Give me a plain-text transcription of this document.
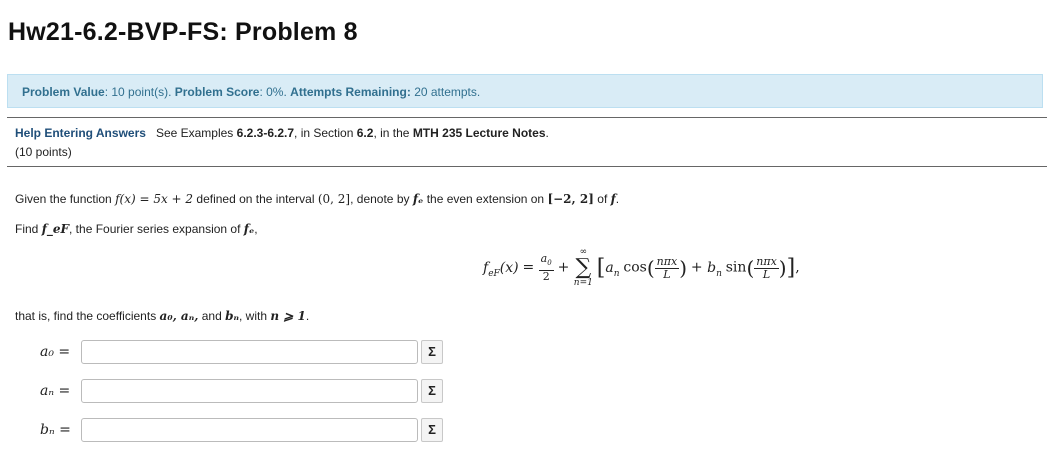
Hw21-6.2-BVP-FS: Problem 8
Problem Value: 10 point(s). Problem Score: 0%. Attempts Remaining: 20 attempts.
Help Entering Answers See Examples 6.2.3-6.2.7, in Section 6.2, in the MTH 235 Lecture Notes.
(10 points)
Given the function f(x) = 5x + 2 defined on the interval (0, 2], denote by fₑ the even extension on [−2, 2] of f.
Find f_eF, the Fourier series expansion of fₑ,
$f_{eF}(x) = \frac{a_0}{2}$ +
∞
∑
n=1
[$a_n$ $\cos( \frac{\text{nπx}}{L}$ ) + $b_n$ $\sin( \frac{\text{nπx}}{L}$ )],
that is, find the coefficients a₀, aₙ, and bₙ, with n ⩾ 1.
a₀ =	Σ
aₙ =	Σ
bₙ =	Σ
